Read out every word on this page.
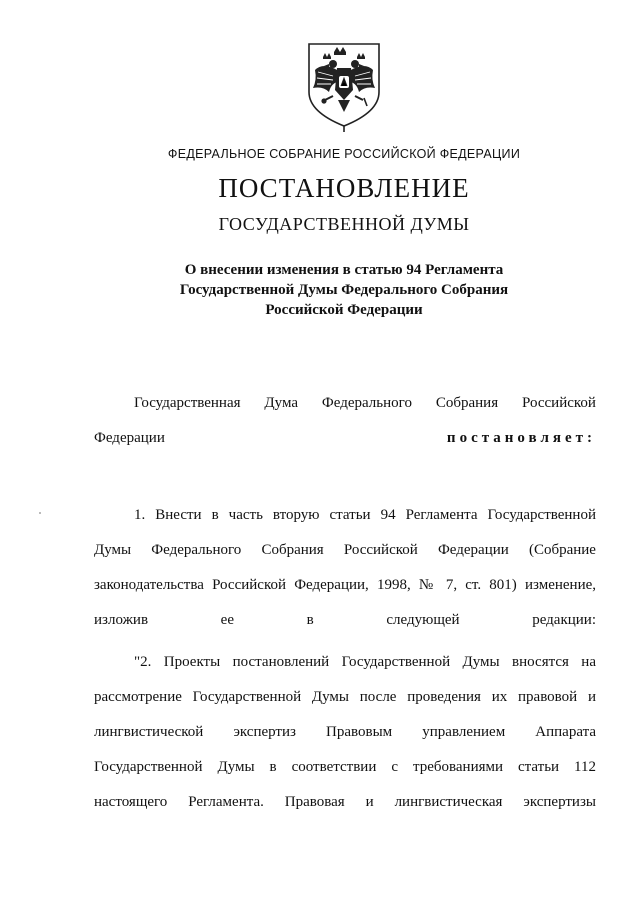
ФЕДЕРАЛЬНОЕ СОБРАНИЕ РОССИЙСКОЙ ФЕДЕРАЦИИ
ПОСТАНОВЛЕНИЕ
ГОСУДАРСТВЕННОЙ ДУМЫ
О внесении изменения в статью 94 Регламента
Государственной Думы Федерального Собрания
Российской Федерации
Государственная Дума Федерального Собрания Российской
Федерации	постановляет:
1. Внести в часть вторую статьи 94 Регламента Государственной
Думы Федерального Собрания Российской Федерации (Собрание
законодательства Российской Федерации, 1998, № 7, ст. 801) изменение,
изложив ее в следующей редакции:
"2. Проекты постановлений Государственной Думы вносятся на
рассмотрение Государственной Думы после проведения их правовой и
лингвистической экспертиз Правовым управлением Аппарата
Государственной Думы в соответствии с требованиями статьи 112
настоящего Регламента. Правовая и лингвистическая экспертизы
